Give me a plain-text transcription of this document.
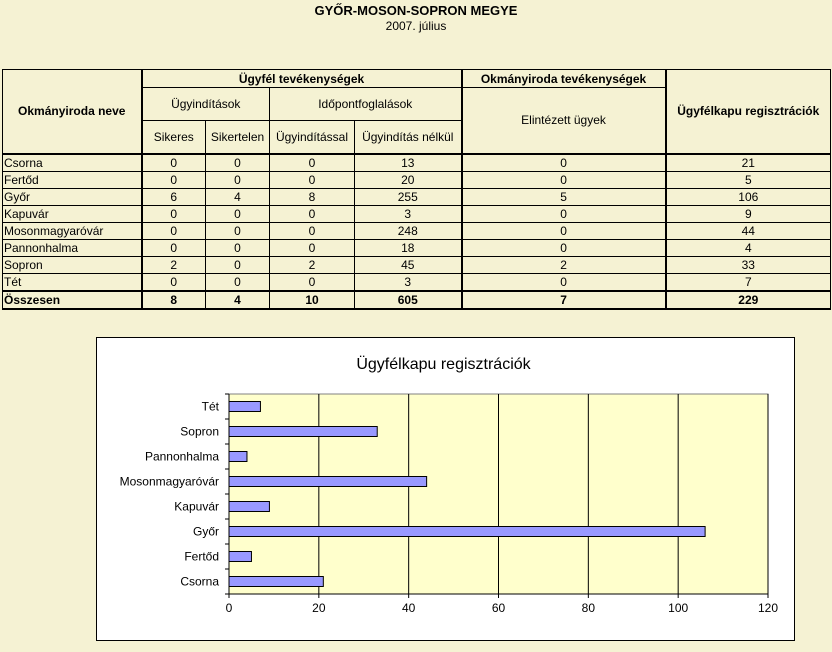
GYŐR-MOSON-SOPRON MEGYE
2007. július
Okmányiroda neve	Ügyfél tevékenységek				Okmányiroda tevékenységek	Ügyfélkapu regisztrációk
	Ügyindítások		Időpontfoglalások		Elintézett ügyek	
	Sikeres	Sikertelen	Ügyindítással	Ügyindítás nélkül		
Csorna	0	0	0	13	0	21
Fertőd	0	0	0	20	0	5
Győr	6	4	8	255	5	106
Kapuvár	0	0	0	3	0	9
Mosonmagyaróvár	0	0	0	248	0	44
Pannonhalma	0	0	0	18	0	4
Sopron	2	0	2	45	2	33
Tét	0	0	0	3	0	7
Összesen	8	4	10	605	7	229
Ügyfélkapu regisztrációk
0	20	40	60	80	100	120
Csorna
Fertőd
Győr
Kapuvár
Mosonmagyaróvár
Pannonhalma
Sopron
Tét
